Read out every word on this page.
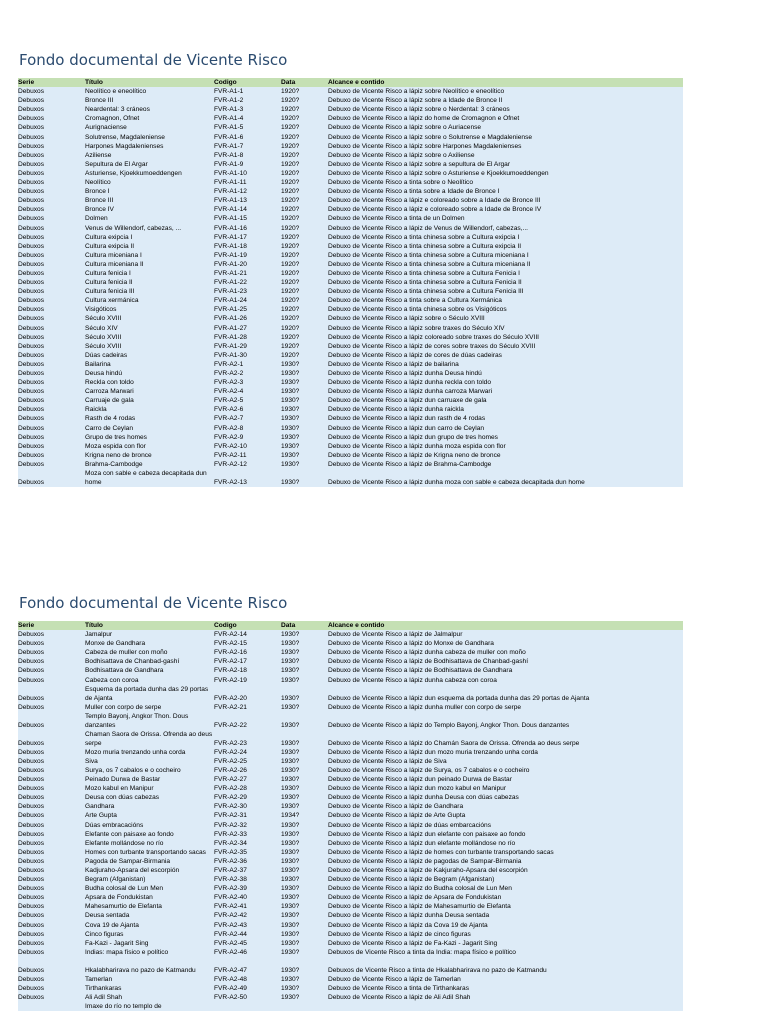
Fondo documental de Vicente Risco
Serie	Título	Codigo	Data	Alcance e contido
Debuxos	Neolítico e eneolítico	FVR-A1-1	1920?	Debuxo de Vicente Risco a lápiz sobre Neolítico e eneolítico
Debuxos	Bronce III	FVR-A1-2	1920?	Debuxo de Vicente Risco a lápiz sobre a Idade de Bronce II
Debuxos	Neardental: 3 cráneos	FVR-A1-3	1920?	Debuxo de Vicente Risco a lápiz sobre o Nerdental: 3 cráneos
Debuxos	Cromagnon, Ofnet	FVR-A1-4	1920?	Debuxo de Vicente Risco a lápiz do home de Cromagnon e Ofnet
Debuxos	Aurignaciense	FVR-A1-5	1920?	Debuxo de Vicente Risco a lápiz sobre o Auriacense
Debuxos	Solutrense, Magdaleniense	FVR-A1-6	1920?	Debuxo de Vicente Risco a lápiz sobre o Solutrense e Magdaleniense
Debuxos	Harpones Magdalenienses	FVR-A1-7	1920?	Debuxo de Vicente Risco a lápiz sobre Harpones Magdalenienses
Debuxos	Aziliense	FVR-A1-8	1920?	Debuxo de Vicente Risco a lápiz sobre o Axiliense
Debuxos	Sepultura de El Argar	FVR-A1-9	1920?	Debuxo de Vicente Risco a lápiz sobre a sepultura de El Argar
Debuxos	Asturiense, Kjoekkumoeddengen	FVR-A1-10	1920?	Debuxo de Vicente Risco a lápiz sobre o Asturiense e Kjoekkumoeddengen
Debuxos	Neolítico	FVR-A1-11	1920?	Debuxo de Vicente Risco a tinta sobre o Neolítico
Debuxos	Bronce I	FVR-A1-12	1920?	Debuxo de Vicente Risco a tinta sobre a Idade de Bronce I
Debuxos	Bronce III	FVR-A1-13	1920?	Debuxo de Vicente Risco a lápiz e coloreado sobre a Idade de Bronce III
Debuxos	Bronce IV	FVR-A1-14	1920?	Debuxo de Vicente Risco a lápiz e coloreado sobre a Idade de Bronce IV
Debuxos	Dolmen	FVR-A1-15	1920?	Debuxo de Vicente Risco a tinta de un Dolmen
Debuxos	Venus de Willendorf, cabezas, ...	FVR-A1-16	1920?	Debuxo de Vicente Risco a lápiz de Venus de Willendorf, cabezas,...
Debuxos	Cultura exipcia I	FVR-A1-17	1920?	Debuxo de Vicente Risco a tinta chinesa sobre a Cultura exipcia I
Debuxos	Cultura exipcia II	FVR-A1-18	1920?	Debuxo de Vicente Risco a tinta chinesa sobre a Cultura exipcia II
Debuxos	Cultura miceniana I	FVR-A1-19	1920?	Debuxo de Vicente Risco a tinta chinesa sobre a Cultura miceniana I
Debuxos	Cultura miceniana II	FVR-A1-20	1920?	Debuxo de Vicente Risco a tinta chinesa sobre a Cultura miceniana II
Debuxos	Cultura fenicia I	FVR-A1-21	1920?	Debuxo de Vicente Risco a tinta chinesa sobre a Cultura Fenicia I
Debuxos	Cultura fenicia II	FVR-A1-22	1920?	Debuxo de Vicente Risco a tinta chinesa sobre a Cultura Fenicia II
Debuxos	Cultura fenicia III	FVR-A1-23	1920?	Debuxo de Vicente Risco a tinta chinesa sobre a Cultura Fenicia III
Debuxos	Cultura xermánica	FVR-A1-24	1920?	Debuxo de Vicente Risco a tinta sobre a Cultura Xermánica
Debuxos	Visigóticos	FVR-A1-25	1920?	Debuxo de Vicente Risco a tinta chinesa sobre os Visigóticos
Debuxos	Século XVIII	FVR-A1-26	1920?	Debuxo de Vicente Risco a lápiz sobre o Século XVIII
Debuxos	Século XIV	FVR-A1-27	1920?	Debuxo de Vicente Risco a lápiz sobre traxes do Século XIV
Debuxos	Século XVIII	FVR-A1-28	1920?	Debuxo de Vicente Risco a lápiz coloreado sobre traxes do Século XVIII
Debuxos	Século XVIII	FVR-A1-29	1920?	Debuxo de Vicente Risco a lápiz de cores sobre traxes do Século XVIII
Debuxos	Dúas cadeiras	FVR-A1-30	1920?	Debuxo de Vicente Risco a lápiz de cores de dúas cadeiras
Debuxos	Bailarina	FVR-A2-1	1930?	Debuxo de Vicente Risco a lápiz de bailarina
Debuxos	Deusa hindú	FVR-A2-2	1930?	Debuxo de Vicente Risco a lápiz dunha Deusa hindú
Debuxos	Reckla con toldo	FVR-A2-3	1930?	Debuxo de Vicente Risco a lápiz dunha reckla con toldo
Debuxos	Carroza Marwari	FVR-A2-4	1930?	Debuxo de Vicente Risco a lápiz dunha carroza Marwari
Debuxos	Carruaje de gala	FVR-A2-5	1930?	Debuxo de Vicente Risco a lápiz dun carruaxe de gala
Debuxos	Raickla	FVR-A2-6	1930?	Debuxo de Vicente Risco a lápiz dunha raickla
Debuxos	Rasth de 4 rodas	FVR-A2-7	1930?	Debuxo de Vicente Risco a lápiz dun rasth de 4 rodas
Debuxos	Carro de Ceylan	FVR-A2-8	1930?	Debuxo de Vicente Risco a lápiz dun carro de Ceylan
Debuxos	Grupo de tres homes	FVR-A2-9	1930?	Debuxo de Vicente Risco a lápiz dun grupo de tres homes
Debuxos	Moza espida con flor	FVR-A2-10	1930?	Debuxo de Vicente Risco a lápiz dunha moza espida con flor
Debuxos	Krigna neno de bronce	FVR-A2-11	1930?	Debuxo de Vicente Risco a lápiz de Krigna neno de bronce
Debuxos	Brahma-Cambodge	FVR-A2-12	1930?	Debuxo de Vicente Risco a lápiz de Brahma-Cambodge
Debuxos	Moza con sable e cabeza decapitada dun home	FVR-A2-13	1930?	Debuxo de Vicente Risco a lápiz dunha moza con sable e cabeza decapitada dun home
Fondo documental de Vicente Risco
Serie	Título	Codigo	Data	Alcance e contido
Debuxos	Jamalpur	FVR-A2-14	1930?	Debuxo de Vicente Risco a lápiz de Jalmalpur
Debuxos	Monxe de Gandhara	FVR-A2-15	1930?	Debuxo de Vicente Risco a lápiz do Monxe de Gandhara
Debuxos	Cabeza de muller con moño	FVR-A2-16	1930?	Debuxo de Vicente Risco a lápiz dunha cabeza de muller con moño
Debuxos	Bodhisattava de Chanbad-gashí	FVR-A2-17	1930?	Debuxo de Vicente Risco a lápiz de Bodhisattava de Chanbad-gashí
Debuxos	Bodhisattava de Gandhara	FVR-A2-18	1930?	Debuxo de Vicente Risco a lápiz de Bodhisattava de Gandhara
Debuxos	Cabeza con coroa	FVR-A2-19	1930?	Debuxo de Vicente Risco a lápiz dunha cabeza con coroa
Debuxos	Esquema da portada dunha das 29 portas de Ajanta	FVR-A2-20	1930?	Debuxo de Vicente Risco a lápiz dun esquema da portada dunha das 29 portas de Ajanta
Debuxos	Muller con corpo de serpe	FVR-A2-21	1930?	Debuxo de Vicente Risco a lápiz dunha muller con corpo de serpe
Debuxos	Templo Bayonj, Angkor Thon. Dous danzantes	FVR-A2-22	1930?	Debuxo de Vicente Risco a lápiz do Templo Bayonj, Angkor Thon. Dous danzantes
Debuxos	Chaman Saora de Orissa. Ofrenda ao deus serpe	FVR-A2-23	1930?	Debuxo de Vicente Risco a lápiz do Chamán Saora de Orissa. Ofrenda ao deus serpe
Debuxos	Mozo muria trenzando unha corda	FVR-A2-24	1930?	Debuxo de Vicente Risco a lápiz dun mozo muria trenzando unha corda
Debuxos	Siva	FVR-A2-25	1930?	Debuxo de Vicente Risco a lápiz de Siva
Debuxos	Surya, os 7 cabalos e o cocheiro	FVR-A2-26	1930?	Debuxo de Vicente Risco a lápiz de Surya, os 7 cabalos e o cocheiro
Debuxos	Peinado Durwa de Bastar	FVR-A2-27	1930?	Debuxo de Vicente Risco a lápiz dun peinado Durwa de Bastar
Debuxos	Mozo kabul en Manipur	FVR-A2-28	1930?	Debuxo de Vicente Risco a lápiz dun mozo kabul en Manipur
Debuxos	Deusa con dúas cabezas	FVR-A2-29	1930?	Debuxo de Vicente Risco a lápiz dunha Deusa con dúas cabezas
Debuxos	Gandhara	FVR-A2-30	1930?	Debuxo de Vicente Risco a lápiz de Gandhara
Debuxos	Arte Gupta	FVR-A2-31	1934?	Debuxo de Vicente Risco a lápiz de Arte Gupta
Debuxos	Dúas embracacións	FVR-A2-32	1930?	Debuxo de Vicente Risco a lápiz de dúas embarcacións
Debuxos	Elefante con paisaxe ao fondo	FVR-A2-33	1930?	Debuxo de Vicente Risco a lápiz dun elefante con paisaxe ao fondo
Debuxos	Elefante mollándose no río	FVR-A2-34	1930?	Debuxo de Vicente Risco a lápiz dun elefante mollándose no río
Debuxos	Homes con turbante transportando sacas	FVR-A2-35	1930?	Debuxo de Vicente Risco a lápiz de homes con turbante transportando sacas
Debuxos	Pagoda de Sampar-Birmania	FVR-A2-36	1930?	Debuxo de Vicente Risco a lápiz de pagodas de Sampar-Birmania
Debuxos	Kadjuraho-Apsara del escorpión	FVR-A2-37	1930?	Debuxo de Vicente Risco a lápiz de Kakjuraho-Apsara del escorpión
Debuxos	Begram (Afganistan)	FVR-A2-38	1930?	Debuxo de Vicente Risco a lápiz de Begram (Afganistan)
Debuxos	Budha colosal de Lun Men	FVR-A2-39	1930?	Debuxo de Vicente Risco a lápiz do Budha colosal de Lun Men
Debuxos	Apsara de Fondukistan	FVR-A2-40	1930?	Debuxo de Vicente Risco a lápiz de Apsara de Fondukistan
Debuxos	Mahesamurtio de Elefanta	FVR-A2-41	1930?	Debuxo de Vicente Risco a lápiz de Mahesamurtio de Elefanta
Debuxos	Deusa sentada	FVR-A2-42	1930?	Debuxo de Vicente Risco a lápiz dunha Deusa sentada
Debuxos	Cova 19 de Ajanta	FVR-A2-43	1930?	Debuxo de Vicente Risco a lápiz da Cova 19 de Ajanta
Debuxos	Cinco figuras	FVR-A2-44	1930?	Debuxo de Vicente Risco a lápiz de cinco figuras
Debuxos	Fa-Kazi - Jagarit Sing	FVR-A2-45	1930?	Debuxo de Vicente Risco a lápiz de Fa-Kazi - Jagarit Sing
Debuxos	Indias: mapa físico e político	FVR-A2-46	1930?	Debuxos de Vicente Risco a tinta da India: mapa físico e político

Debuxos	Hkalabharirava no pazo de Katmandu	FVR-A2-47	1930?	Debuxos de Vicente Risco a tinta de Hkalabharirava no pazo de Katmandu
Debuxos	Tamerlan	FVR-A2-48	1930?	Debuxo de Vicente Risco a lápiz de Tamerlan
Debuxos	Tirthankaras	FVR-A2-49	1930?	Debuxo de Vicente Risco a tinta de Tirthankaras
Debuxos	Ali Adil Shah	FVR-A2-50	1930?	Debuxo de Vicente Risco a lápiz de Ali Adil Shah
	Imaxe do río no templo de			
